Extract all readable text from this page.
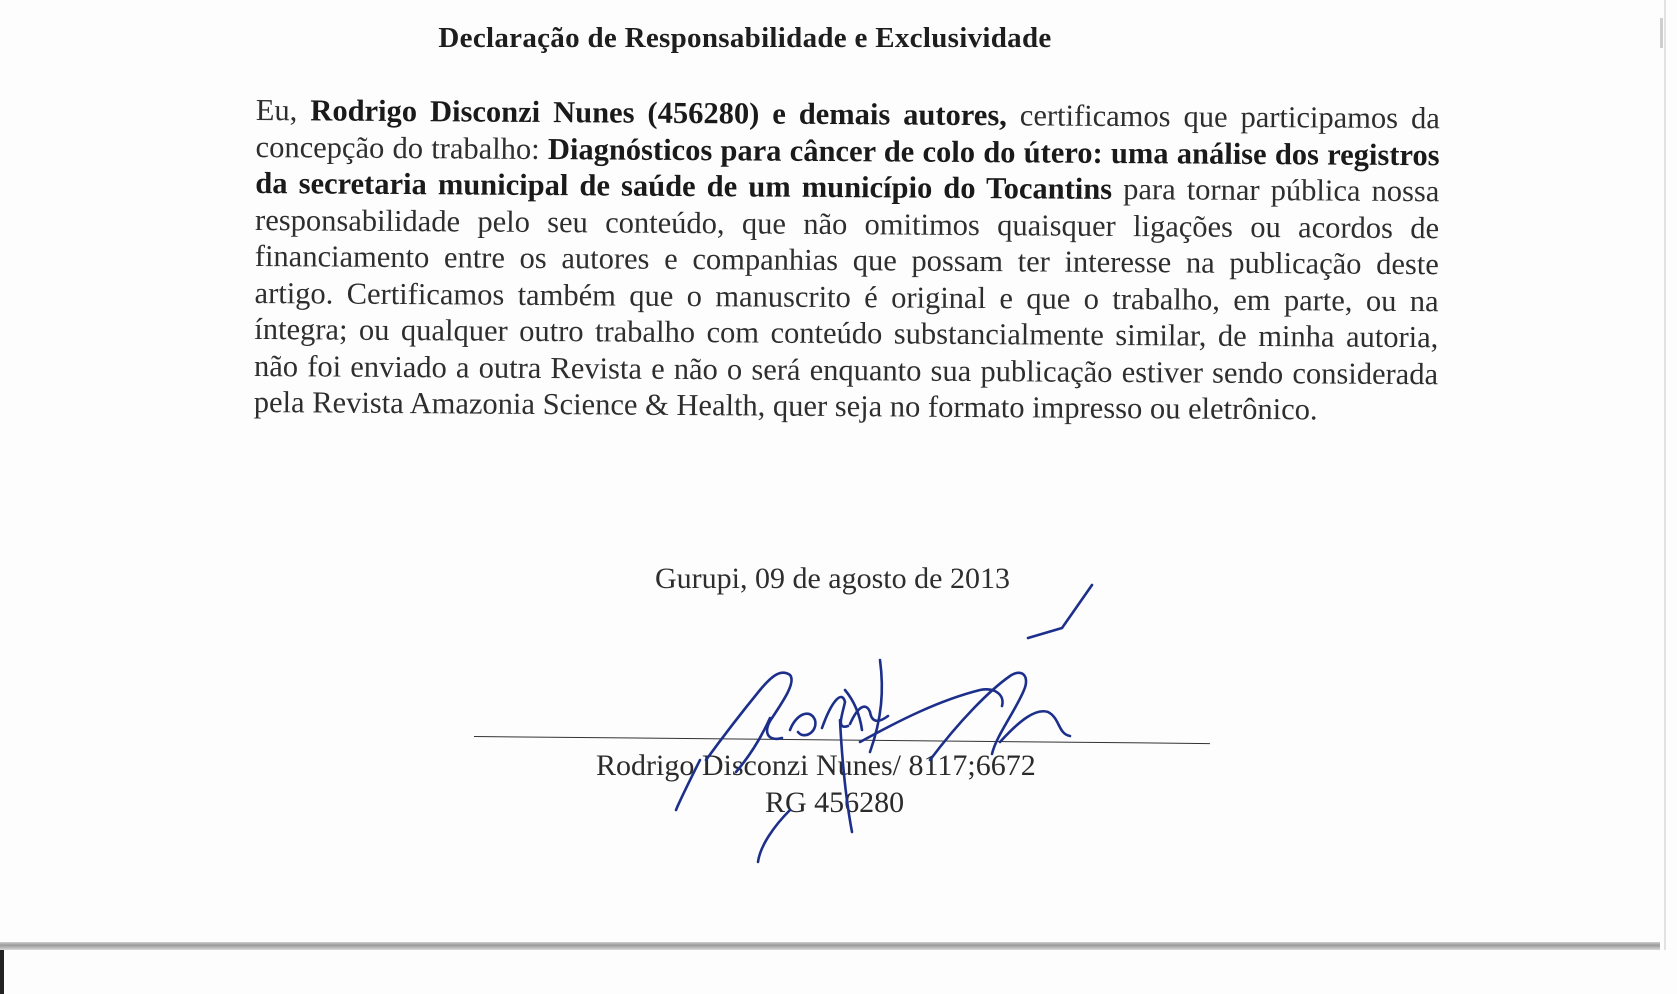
Declaração de Responsabilidade e Exclusividade
Eu, Rodrigo Disconzi Nunes (456280) e demais autores, certificamos que participamos da concepção do trabalho: Diagnósticos para câncer de colo do útero: uma análise dos registros da secretaria municipal de saúde de um município do Tocantins para tornar pública nossa responsabilidade pelo seu conteúdo, que não omitimos quaisquer ligações ou acordos de financiamento entre os autores e companhias que possam ter interesse na publicação deste artigo. Certificamos também que o manuscrito é original e que o trabalho, em parte, ou na íntegra; ou qualquer outro trabalho com conteúdo substancialmente similar, de minha autoria, não foi enviado a outra Revista e não o será enquanto sua publicação estiver sendo considerada pela Revista Amazonia Science & Health, quer seja no formato impresso ou eletrônico.
Gurupi, 09 de agosto de 2013
Rodrigo Disconzi Nunes/ 8117;6672
RG 456280
